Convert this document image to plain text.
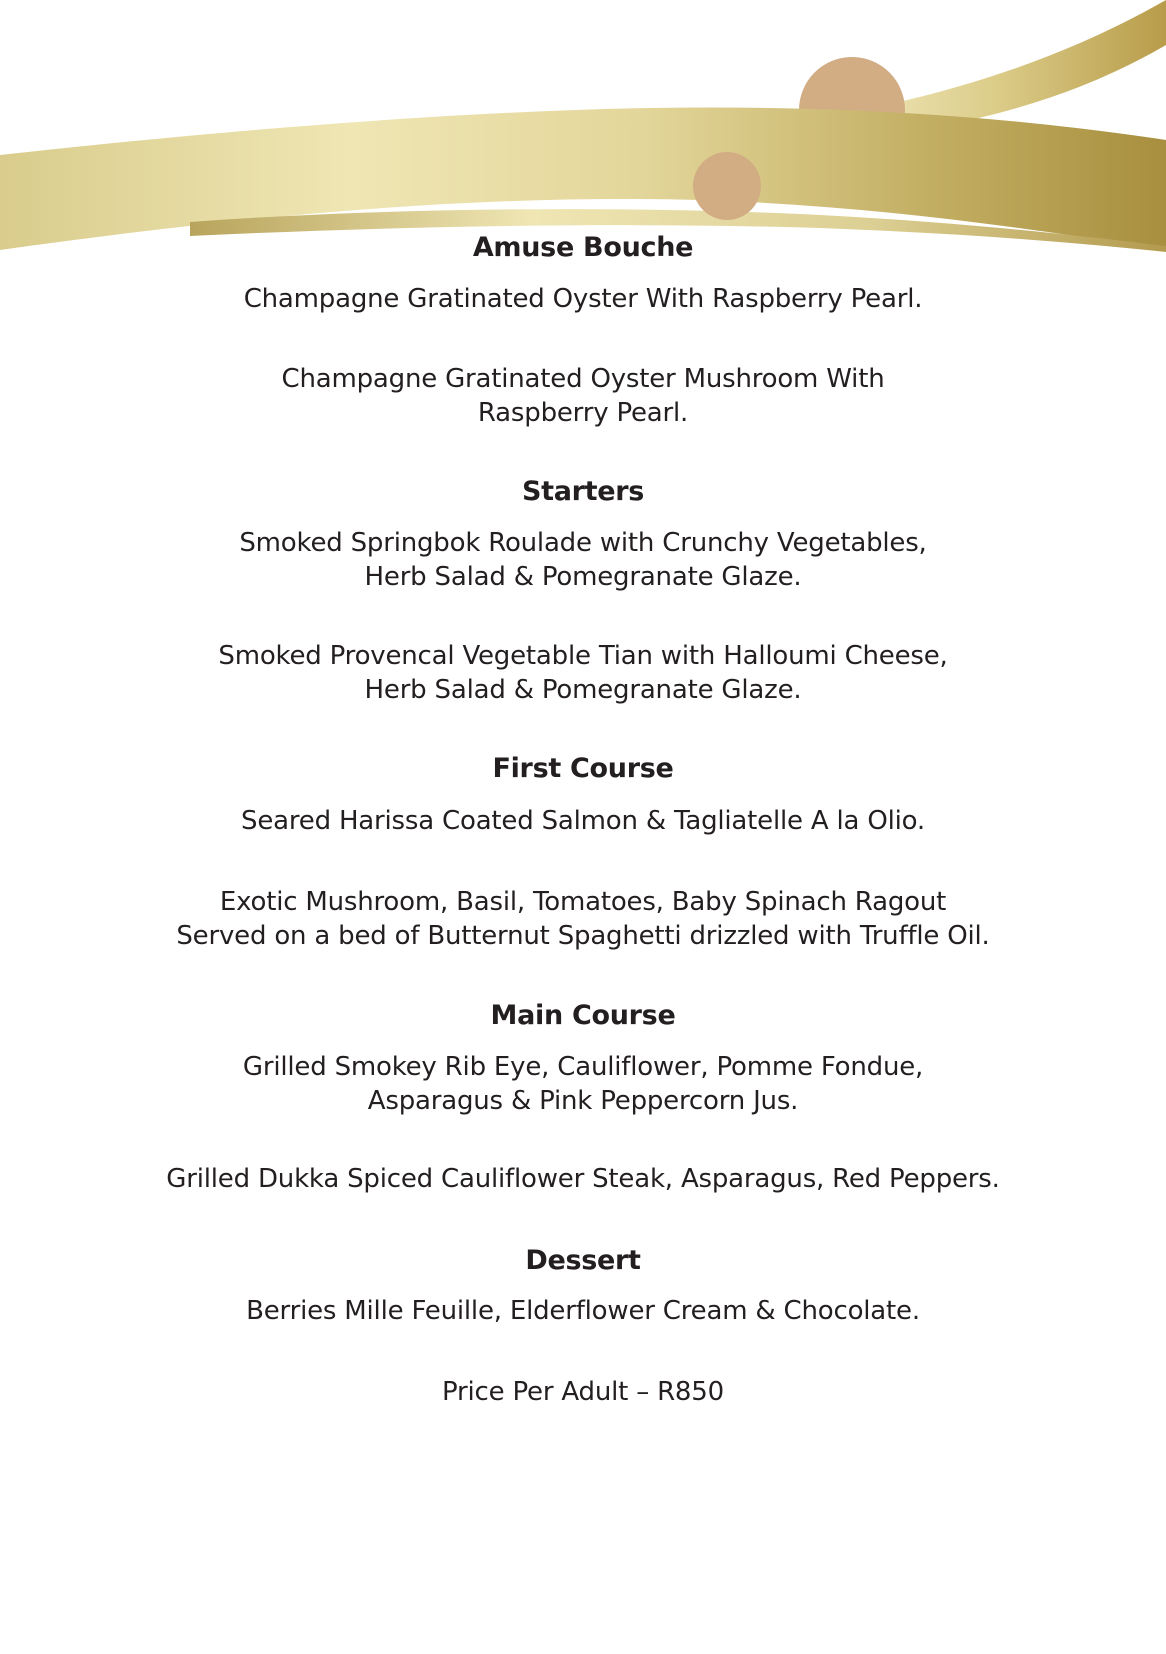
Amuse Bouche

Champagne Gratinated Oyster With Raspberry Pearl.

Champagne Gratinated Oyster Mushroom With
Raspberry Pearl.

Starters

Smoked Springbok Roulade with Crunchy Vegetables,
Herb Salad & Pomegranate Glaze.

Smoked Provencal Vegetable Tian with Halloumi Cheese,
Herb Salad & Pomegranate Glaze.

First Course

Seared Harissa Coated Salmon & Tagliatelle A la Olio.

Exotic Mushroom, Basil, Tomatoes, Baby Spinach Ragout
Served on a bed of Butternut Spaghetti drizzled with Truffle Oil.

Main Course

Grilled Smokey Rib Eye, Cauliflower, Pomme Fondue,
Asparagus & Pink Peppercorn Jus.

Grilled Dukka Spiced Cauliflower Steak, Asparagus, Red Peppers.

Dessert

Berries Mille Feuille, Elderflower Cream & Chocolate.

Price Per Adult – R850
